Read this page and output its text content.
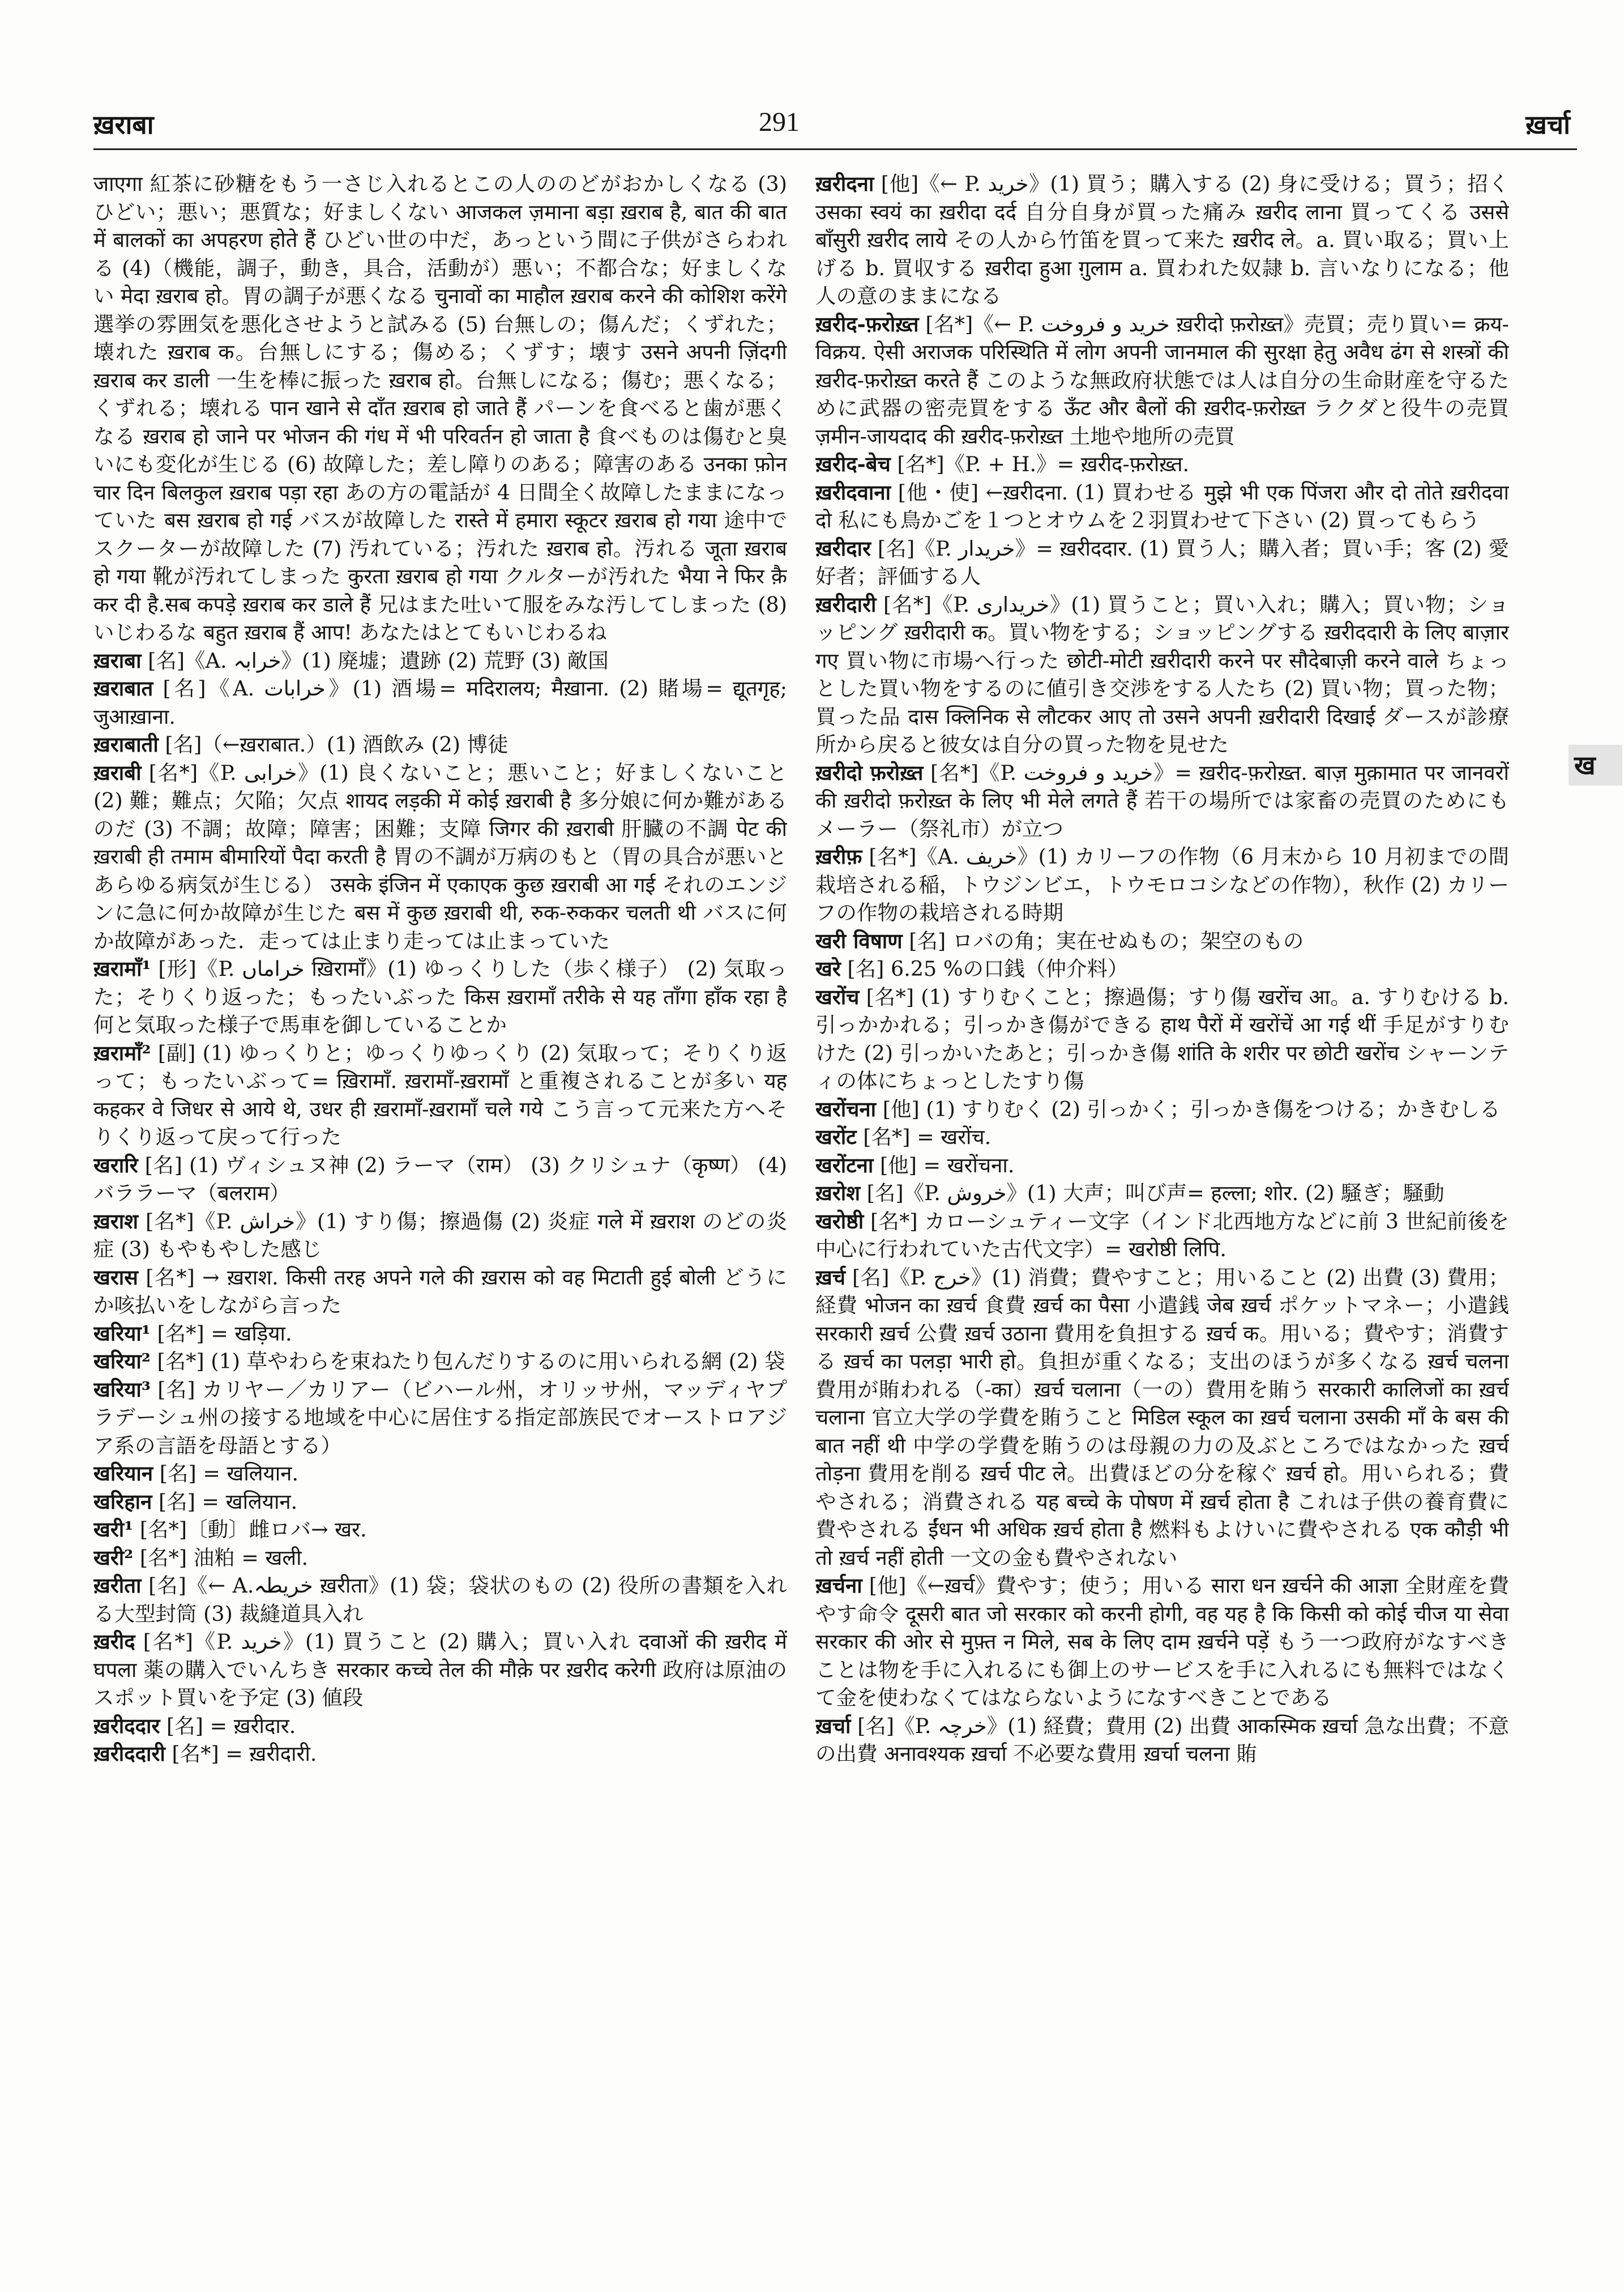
ख़राबा	291	ख़र्चा

जाएगा 紅茶に砂糖をもう一さじ入れるとこの人ののどがおかしくなる (3) ひどい；悪い；悪質な；好ましくない आजकल ज़माना बड़ा ख़राब है, बात की बात में बालकों का अपहरण होते हैं ひどい世の中だ，あっという間に子供がさらわれる (4)（機能，調子，動き，具合，活動が）悪い；不都合な；好ましくない मेदा ख़राब हो。胃の調子が悪くなる चुनावों का माहौल ख़राब करने की कोशिश करेंगे 選挙の雰囲気を悪化させようと試みる (5) 台無しの；傷んだ；くずれた；壊れた ख़राब क。台無しにする；傷める；くずす；壊す उसने अपनी ज़िंदगी ख़राब कर डाली 一生を棒に振った ख़राब हो。台無しになる；傷む；悪くなる；くずれる；壊れる पान खाने से दाँत ख़राब हो जाते हैं パーンを食べると歯が悪くなる ख़राब हो जाने पर भोजन की गंध में भी परिवर्तन हो जाता है 食べものは傷むと臭いにも変化が生じる (6) 故障した；差し障りのある；障害のある उनका फ़ोन चार दिन बिलकुल ख़राब पड़ा रहा あの方の電話が 4 日間全く故障したままになっていた बस ख़राब हो गई バスが故障した रास्ते में हमारा स्कूटर ख़राब हो गया 途中でスクーターが故障した (7) 汚れている；汚れた ख़राब हो。汚れる जूता ख़राब हो गया 靴が汚れてしまった कुरता ख़राब हो गया クルターが汚れた भैया ने फिर क़ै कर दी है.सब कपड़े ख़राब कर डाले हैं 兄はまた吐いて服をみな汚してしまった (8) いじわるな बहुत ख़राब हैं आप! あなたはとてもいじわるね

ख़राबा [名]《A. خرابہ》(1) 廃墟；遺跡 (2) 荒野 (3) 敵国

ख़राबात [名]《A. خرابات》(1) 酒場= मदिरालय; मैख़ाना. (2) 賭場= द्यूतगृह; जुआख़ाना.

ख़राबाती [名]（←ख़राबात.）(1) 酒飲み (2) 博徒

ख़राबी [名*]《P. خرابی》(1) 良くないこと；悪いこと；好ましくないこと (2) 難；難点；欠陥；欠点 शायद लड़की में कोई ख़राबी है 多分娘に何か難があるのだ (3) 不調；故障；障害；困難；支障 जिगर की ख़राबी 肝臓の不調 पेट की ख़राबी ही तमाम बीमारियों पैदा करती है 胃の不調が万病のもと（胃の具合が悪いとあらゆる病気が生じる） उसके इंजिन में एकाएक कुछ ख़राबी आ गई それのエンジンに急に何か故障が生じた बस में कुछ ख़राबी थी, रुक-रुककर चलती थी バスに何か故障があった．走っては止まり走っては止まっていた

ख़रामाँ¹ [形]《P. خراماں ख़िरामाँ》(1) ゆっくりした（歩く様子） (2) 気取った；そりくり返った；もったいぶった किस ख़रामाँ तरीके से यह ताँगा हाँक रहा है 何と気取った様子で馬車を御していることか

ख़रामाँ² [副] (1) ゆっくりと；ゆっくりゆっくり (2) 気取って；そりくり返って；もったいぶって= ख़िरामाँ. ख़रामाँ-ख़रामाँ と重複されることが多い यह कहकर वे जिधर से आये थे, उधर ही ख़रामाँ-ख़रामाँ चले गये こう言って元来た方へそりくり返って戻って行った

खरारि [名] (1) ヴィシュヌ神 (2) ラーマ（राम） (3) クリシュナ（कृष्ण） (4) バララーマ（बलराम）

ख़राश [名*]《P. خراش》(1) すり傷；擦過傷 (2) 炎症 गले में ख़राश のどの炎症 (3) もやもやした感じ

खरास [名*] → ख़राश. किसी तरह अपने गले की ख़रास को वह मिटाती हुई बोली どうにか咳払いをしながら言った

खरिया¹ [名*] = खड़िया.

खरिया² [名*] (1) 草やわらを束ねたり包んだりするのに用いられる網 (2) 袋

खरिया³ [名] カリヤー／カリアー（ビハール州，オリッサ州，マッディヤプラデーシュ州の接する地域を中心に居住する指定部族民でオーストロアジア系の言語を母語とする）

खरियान [名] = खलियान.

खरिहान [名] = खलियान.

खरी¹ [名*]〔動〕雌ロバ→ खर.

खरी² [名*] 油粕 = खली.

ख़रीता [名]《← A.خریطہ ख़रीता》(1) 袋；袋状のもの (2) 役所の書類を入れる大型封筒 (3) 裁縫道具入れ

ख़रीद [名*]《P. خرید》(1) 買うこと (2) 購入；買い入れ दवाओं की ख़रीद में घपला 薬の購入でいんちき सरकार कच्चे तेल की मौक़े पर ख़रीद करेगी 政府は原油のスポット買いを予定 (3) 値段

ख़रीददार [名] = ख़रीदार.

ख़रीददारी [名*] = ख़रीदारी.

ख़रीदना [他]《← P. خرید》(1) 買う；購入する (2) 身に受ける；買う；招く उसका स्वयं का ख़रीदा दर्द 自分自身が買った痛み ख़रीद लाना 買ってくる उससे बाँसुरी ख़रीद लाये その人から竹笛を買って来た ख़रीद ले。a. 買い取る；買い上げる b. 買収する ख़रीदा हुआ ग़ुलाम a. 買われた奴隷 b. 言いなりになる；他人の意のままになる

ख़रीद-फ़रोख़्त [名*]《← P. خرید و فروخت ख़रीदो फ़रोख़्त》売買；売り買い= क्रय-विक्रय. ऐसी अराजक परिस्थिति में लोग अपनी जानमाल की सुरक्षा हेतु अवैध ढंग से शस्त्रों की ख़रीद-फ़रोख़्त करते हैं このような無政府状態では人は自分の生命財産を守るために武器の密売買をする ऊँट और बैलों की ख़रीद-फ़रोख़्त ラクダと役牛の売買 ज़मीन-जायदाद की ख़रीद-फ़रोख़्त 土地や地所の売買

ख़रीद-बेच [名*]《P. + H.》= ख़रीद-फ़रोख़्त.

ख़रीदवाना [他・使] ←ख़रीदना. (1) 買わせる मुझे भी एक पिंजरा और दो तोते ख़रीदवा दो 私にも鳥かごを１つとオウムを２羽買わせて下さい (2) 買ってもらう

ख़रीदार [名]《P. خریدار》= ख़रीददार. (1) 買う人；購入者；買い手；客 (2) 愛好者；評価する人

ख़रीदारी [名*]《P. خریداری》(1) 買うこと；買い入れ；購入；買い物；ショッピング ख़रीदारी क。買い物をする；ショッピングする ख़रीददारी के लिए बाज़ार गए 買い物に市場へ行った छोटी-मोटी ख़रीदारी करने पर सौदेबाज़ी करने वाले ちょっとした買い物をするのに値引き交渉をする人たち (2) 買い物；買った物；買った品 दास क्लिनिक से लौटकर आए तो उसने अपनी ख़रीदारी दिखाई ダースが診療所から戻ると彼女は自分の買った物を見せた

ख़रीदो फ़रोख़्त [名*]《P. خرید و فروخت》= ख़रीद-फ़रोख़्त. बाज़ मुक़ामात पर जानवरों की ख़रीदो फ़रोख़्त के लिए भी मेले लगते हैं 若干の場所では家畜の売買のためにもメーラー（祭礼市）が立つ

ख़रीफ़ [名*]《A. خریف》(1) カリーフの作物（6 月末から 10 月初までの間栽培される稲，トウジンビエ，トウモロコシなどの作物），秋作 (2) カリーフの作物の栽培される時期

खरी विषाण [名] ロバの角；実在せぬもの；架空のもの

खरे [名] 6.25 %の口銭（仲介料）

खरोंच [名*] (1) すりむくこと；擦過傷；すり傷 खरोंच आ。a. すりむける b. 引っかかれる；引っかき傷ができる हाथ पैरों में खरोंचें आ गई थीं 手足がすりむけた (2) 引っかいたあと；引っかき傷 शांति के शरीर पर छोटी खरोंच シャーンティの体にちょっとしたすり傷

खरोंचना [他] (1) すりむく (2) 引っかく；引っかき傷をつける；かきむしる

खरोंट [名*] = खरोंच.

खरोंटना [他] = खरोंचना.

ख़रोश [名]《P. خروش》(1) 大声；叫び声= हल्ला; शोर. (2) 騒ぎ；騒動

खरोष्ठी [名*] カローシュティー文字（インド北西地方などに前 3 世紀前後を中心に行われていた古代文字）= खरोष्ठी लिपि.

ख़र्च [名]《P. خرج》(1) 消費；費やすこと；用いること (2) 出費 (3) 費用；経費 भोजन का ख़र्च 食費 ख़र्च का पैसा 小遣銭 जेब ख़र्च ポケットマネー；小遣銭 सरकारी ख़र्च 公費 ख़र्च उठाना 費用を負担する ख़र्च क。用いる；費やす；消費する ख़र्च का पलड़ा भारी हो。負担が重くなる；支出のほうが多くなる ख़र्च चलना 費用が賄われる（-का）ख़र्च चलाना（一の）費用を賄う सरकारी कालिजों का ख़र्च चलाना 官立大学の学費を賄うこと मिडिल स्कूल का ख़र्च चलाना उसकी माँ के बस की बात नहीं थी 中学の学費を賄うのは母親の力の及ぶところではなかった ख़र्च तोड़ना 費用を削る ख़र्च पीट ले。出費ほどの分を稼ぐ ख़र्च हो。用いられる；費やされる；消費される यह बच्चे के पोषण में ख़र्च होता है これは子供の養育費に費やされる ईंधन भी अधिक ख़र्च होता है 燃料もよけいに費やされる एक कौड़ी भी तो ख़र्च नहीं होती 一文の金も費やされない

ख़र्चना [他]《←ख़र्च》費やす；使う；用いる सारा धन ख़र्चने की आज्ञा 全財産を費やす命令 दूसरी बात जो सरकार को करनी होगी, वह यह है कि किसी को कोई चीज या सेवा सरकार की ओर से मुफ़्त न मिले, सब के लिए दाम ख़र्चने पड़ें もう一つ政府がなすべきことは物を手に入れるにも御上のサービスを手に入れるにも無料ではなくて金を使わなくてはならないようになすべきことである

ख़र्चा [名]《P. خرچہ》(1) 経費；費用 (2) 出費 आकस्मिक ख़र्चा 急な出費；不意の出費 अनावश्यक ख़र्चा 不必要な費用 ख़र्चा चलना 賄

ख
